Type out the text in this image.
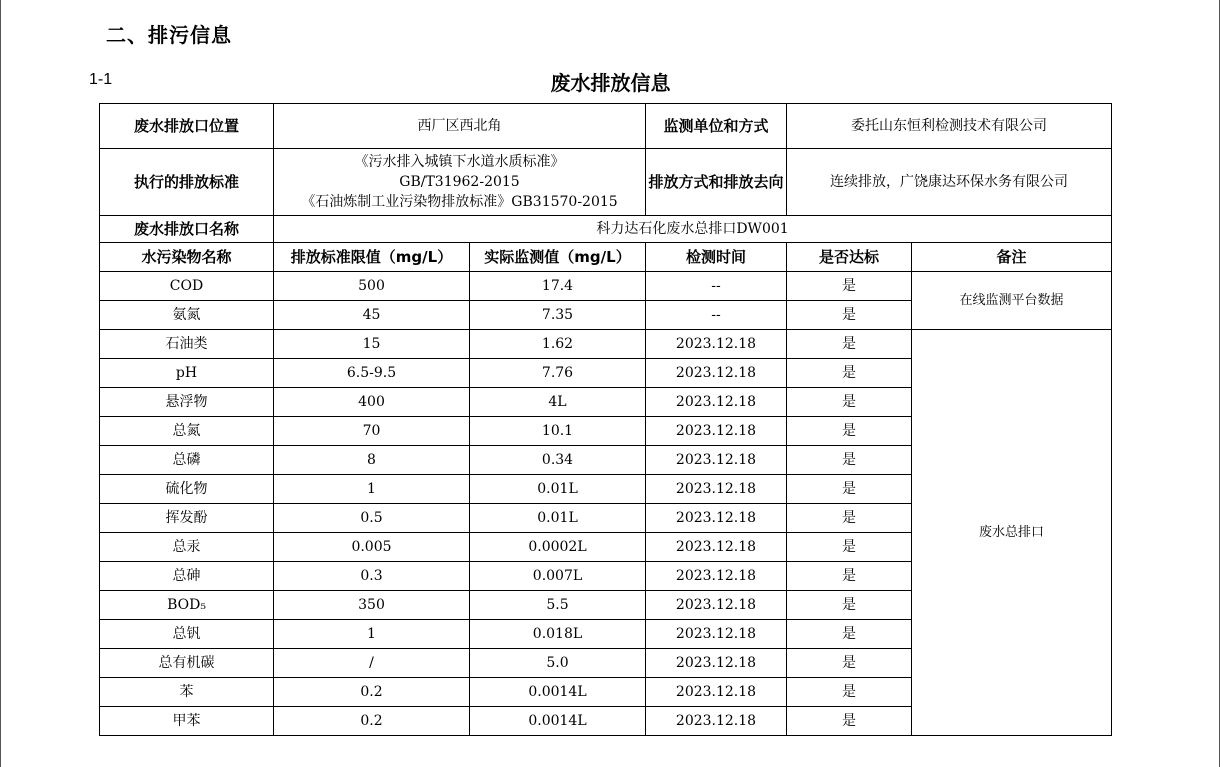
二、排污信息
1-1	废水排放信息
废水排放口位置	西厂区西北角		监测单位和方式	委托山东恒利检测技术有限公司	
执行的排放标准	《污水排入城镇下水道水质标准》
GB/T31962-2015
《石油炼制工业污染物排放标准》GB31570-2015		排放方式和排放去向	连续排放，广饶康达环保水务有限公司	
废水排放口名称	科力达石化废水总排口DW001				
水污染物名称	排放标准限值（mg/L）	实际监测值（mg/L）	检测时间	是否达标	备注
COD	500	17.4	--	是	在线监测平台数据
氨氮	45	7.35	--	是	
石油类	15	1.62	2023.12.18	是	废水总排口
pH	6.5-9.5	7.76	2023.12.18	是	
悬浮物	400	4L	2023.12.18	是	
总氮	70	10.1	2023.12.18	是	
总磷	8	0.34	2023.12.18	是	
硫化物	1	0.01L	2023.12.18	是	
挥发酚	0.5	0.01L	2023.12.18	是	
总汞	0.005	0.0002L	2023.12.18	是	
总砷	0.3	0.007L	2023.12.18	是	
BOD₅	350	5.5	2023.12.18	是	
总钒	1	0.018L	2023.12.18	是	
总有机碳	/	5.0	2023.12.18	是	
苯	0.2	0.0014L	2023.12.18	是	
甲苯	0.2	0.0014L	2023.12.18	是	
